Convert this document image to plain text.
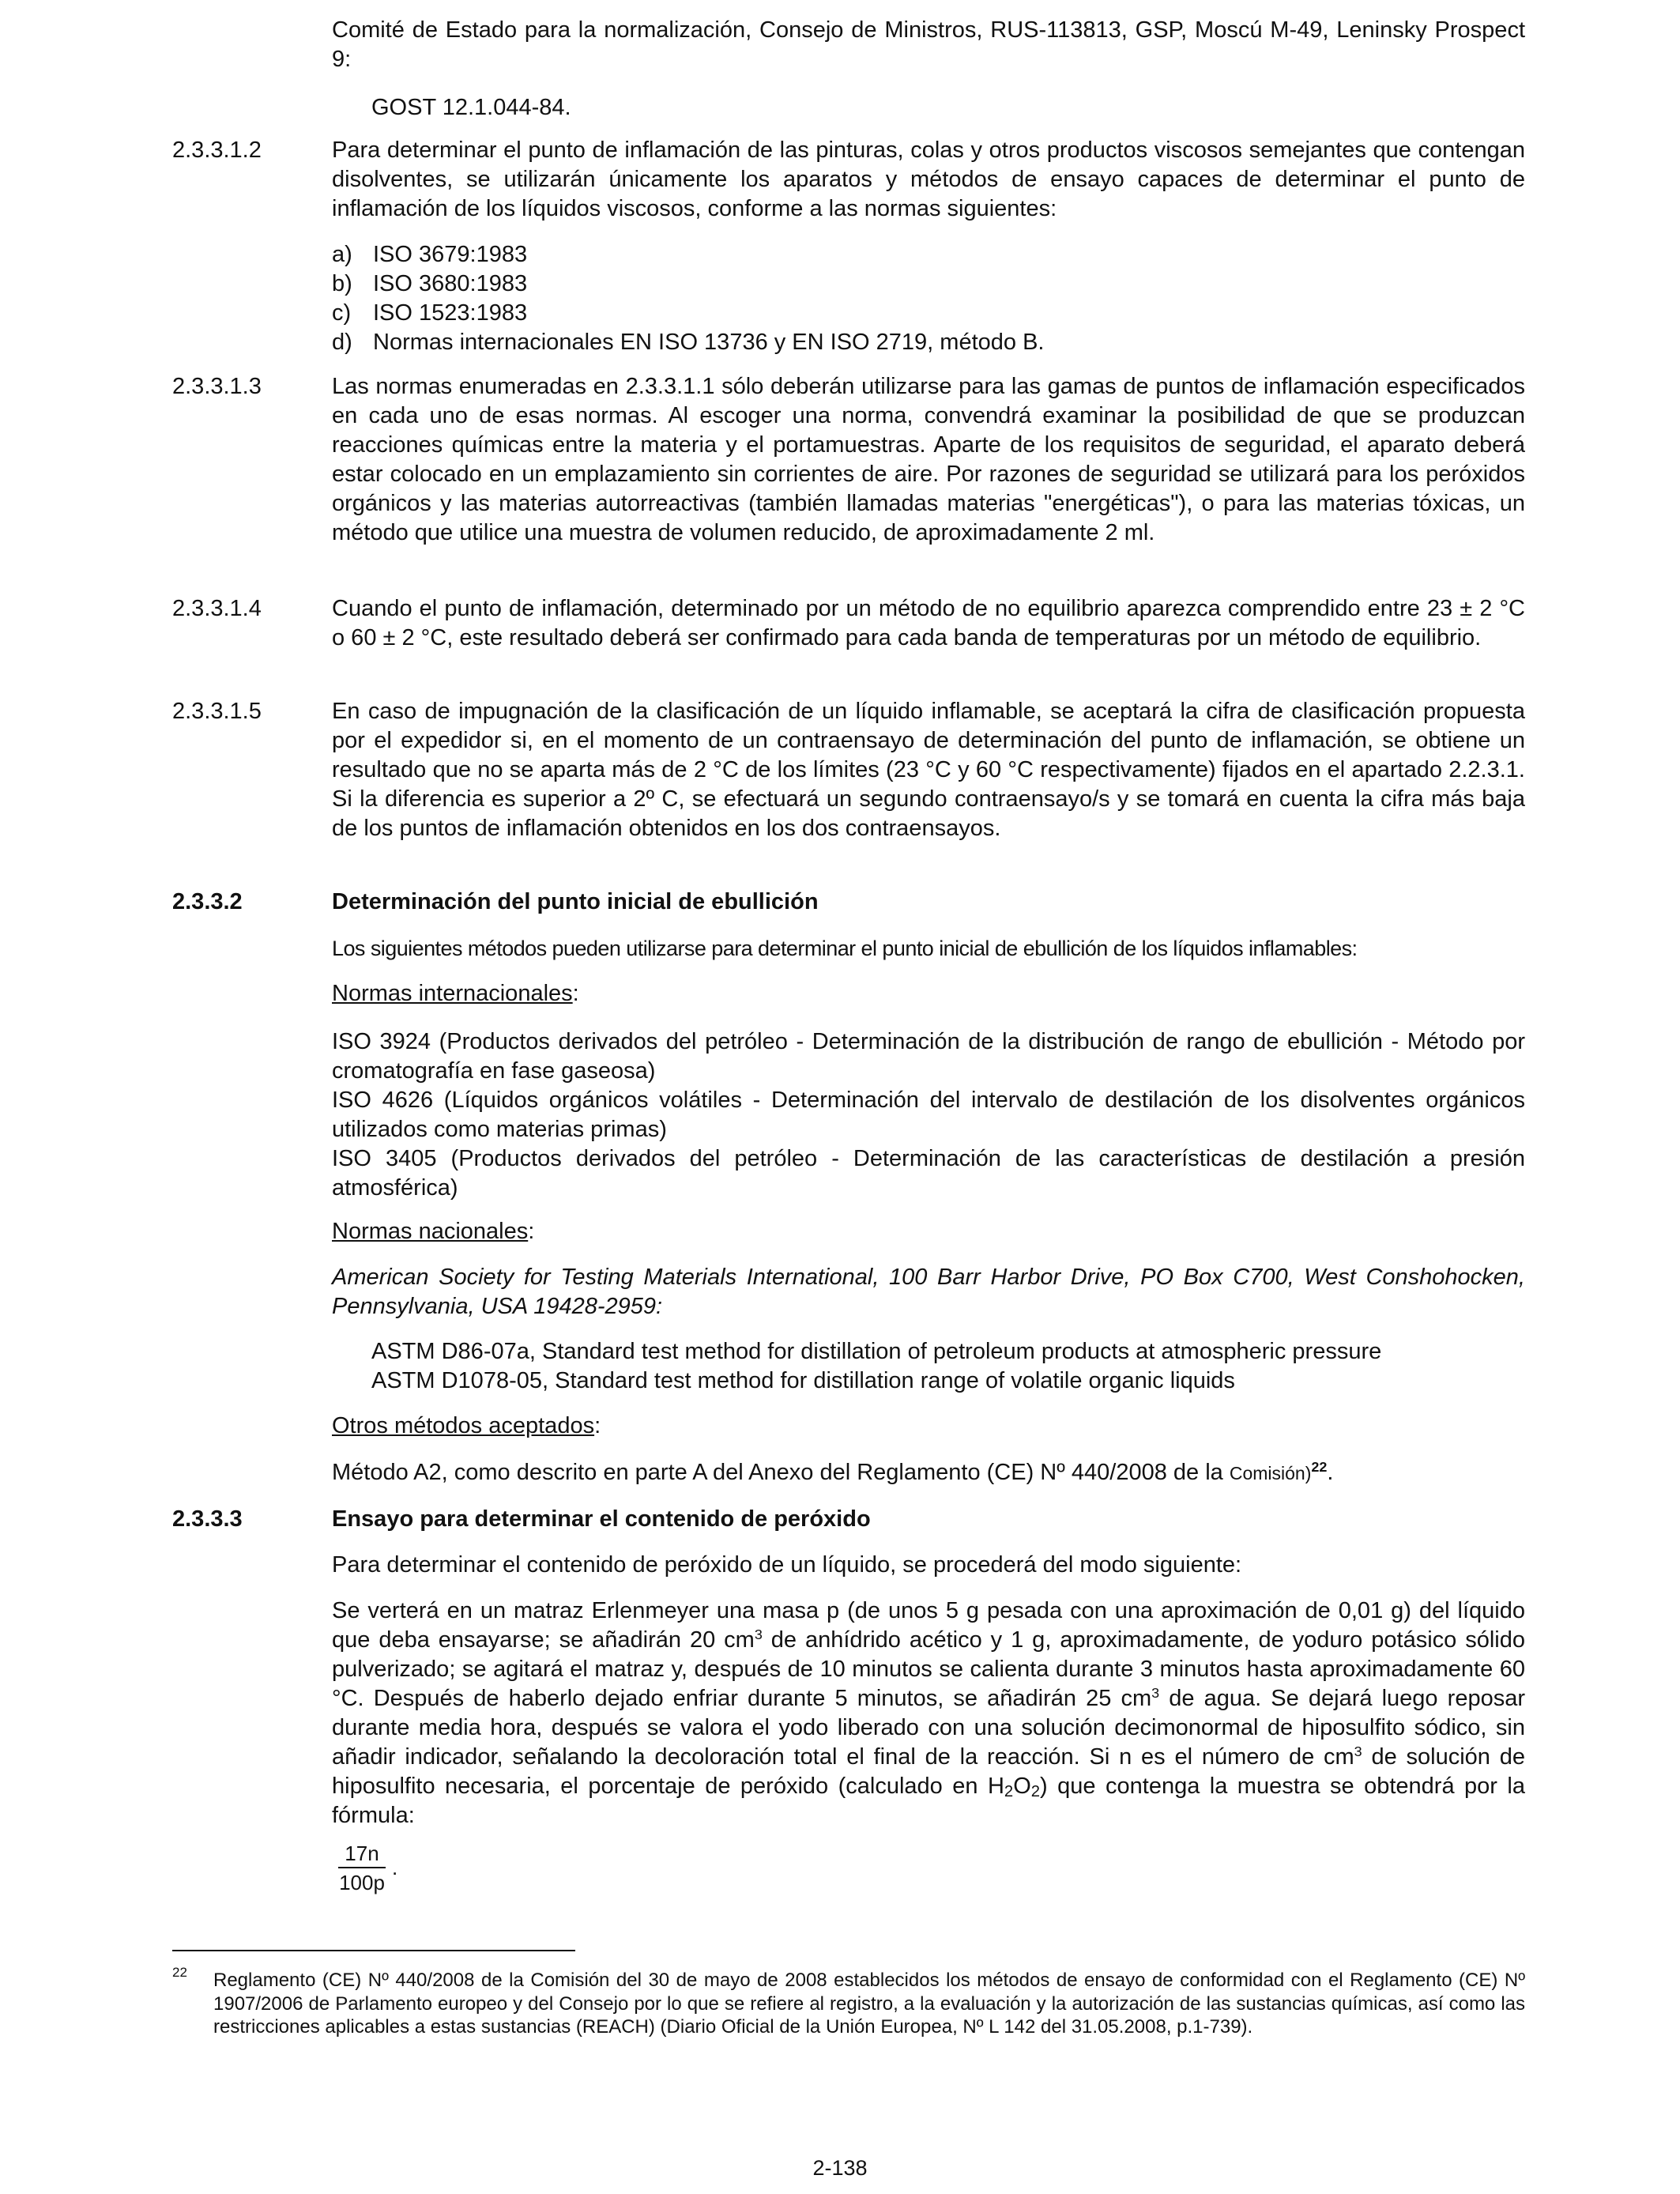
Comité de Estado para la normalización, Consejo de Ministros, RUS-113813, GSP, Moscú M-49, Leninsky Prospect 9:
GOST 12.1.044-84.
2.3.3.1.2	Para determinar el punto de inflamación de las pinturas, colas y otros productos viscosos semejantes que contengan disolventes, se utilizarán únicamente los aparatos y métodos de ensayo capaces de determinar el punto de inflamación de los líquidos viscosos, conforme a las normas siguientes:
a) ISO 3679:1983
b) ISO 3680:1983
c) ISO 1523:1983
d) Normas internacionales EN ISO 13736 y EN ISO 2719, método B.
2.3.3.1.3	Las normas enumeradas en 2.3.3.1.1 sólo deberán utilizarse para las gamas de puntos de inflamación especificados en cada uno de esas normas. Al escoger una norma, convendrá examinar la posibilidad de que se produzcan reacciones químicas entre la materia y el portamuestras. Aparte de los requisitos de seguridad, el aparato deberá estar colocado en un emplazamiento sin corrientes de aire. Por razones de seguridad se utilizará para los peróxidos orgánicos y las materias autorreactivas (también llamadas materias "energéticas"), o para las materias tóxicas, un método que utilice una muestra de volumen reducido, de aproximadamente 2 ml.
2.3.3.1.4	Cuando el punto de inflamación, determinado por un método de no equilibrio aparezca comprendido entre 23 ± 2 °C o 60 ± 2 °C, este resultado deberá ser confirmado para cada banda de temperaturas por un método de equilibrio.
2.3.3.1.5	En caso de impugnación de la clasificación de un líquido inflamable, se aceptará la cifra de clasificación propuesta por el expedidor si, en el momento de un contraensayo de determinación del punto de inflamación, se obtiene un resultado que no se aparta más de 2 °C de los límites (23 °C y 60 °C respectivamente) fijados en el apartado 2.2.3.1. Si la diferencia es superior a 2º C, se efectuará un segundo contraensayo/s y se tomará en cuenta la cifra más baja de los puntos de inflamación obtenidos en los dos contraensayos.
2.3.3.2	Determinación del punto inicial de ebullición
Los siguientes métodos pueden utilizarse para determinar el punto inicial de ebullición de los líquidos inflamables:
Normas internacionales:
ISO 3924 (Productos derivados del petróleo - Determinación de la distribución de rango de ebullición - Método por cromatografía en fase gaseosa)
ISO 4626 (Líquidos orgánicos volátiles - Determinación del intervalo de destilación de los disolventes orgánicos utilizados como materias primas)
ISO 3405 (Productos derivados del petróleo - Determinación de las características de destilación a presión atmosférica)
Normas nacionales:
American Society for Testing Materials International, 100 Barr Harbor Drive, PO Box C700, West Conshohocken, Pennsylvania, USA 19428-2959:
ASTM D86-07a, Standard test method for distillation of petroleum products at atmospheric pressure
ASTM D1078-05, Standard test method for distillation range of volatile organic liquids
Otros métodos aceptados:
Método A2, como descrito en parte A del Anexo del Reglamento (CE) Nº 440/2008 de la Comisión)$^{22}$.
2.3.3.3	Ensayo para determinar el contenido de peróxido
Para determinar el contenido de peróxido de un líquido, se procederá del modo siguiente:
Se verterá en un matraz Erlenmeyer una masa p (de unos 5 g pesada con una aproximación de 0,01 g) del líquido que deba ensayarse; se añadirán 20 $cm^3$ de anhídrido acético y 1 g, aproximadamente, de yoduro potásico sólido pulverizado; se agitará el matraz y, después de 10 minutos se calienta durante 3 minutos hasta aproximadamente 60 °C. Después de haberlo dejado enfriar durante 5 minutos, se añadirán 25 $cm^3$ de agua. Se dejará luego reposar durante media hora, después se valora el yodo liberado con una solución decimonormal de hiposulfito sódico, sin añadir indicador, señalando la decoloración total el final de la reacción. Si n es el número de $cm^3$ de solución de hiposulfito necesaria, el porcentaje de peróxido (calculado en $H_2O_2$) que contenga la muestra se obtendrá por la fórmula:
$\frac{17n}{100p}$ .
22 Reglamento (CE) Nº 440/2008 de la Comisión del 30 de mayo de 2008 establecidos los métodos de ensayo de conformidad con el Reglamento (CE) Nº 1907/2006 de Parlamento europeo y del Consejo por lo que se refiere al registro, a la evaluación y la autorización de las sustancias químicas, así como las restricciones aplicables a estas sustancias (REACH) (Diario Oficial de la Unión Europea, Nº L 142 del 31.05.2008, p.1-739).
2-138
